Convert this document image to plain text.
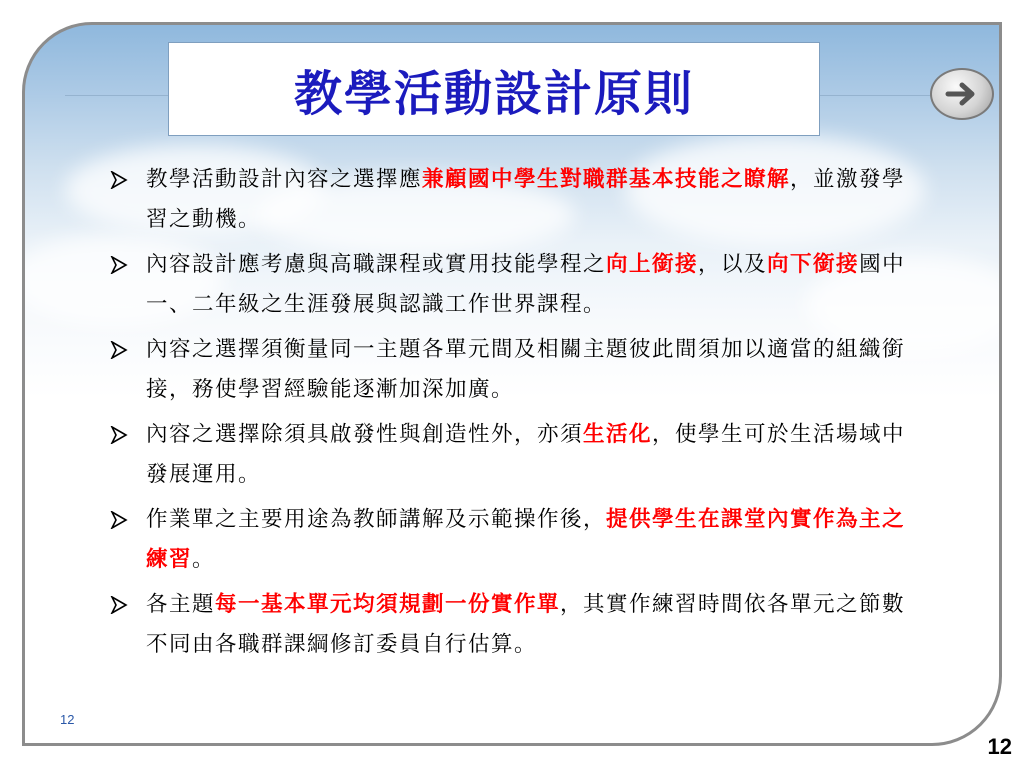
教學活動設計原則
教學活動設計內容之選擇應兼顧國中學生對職群基本技能之瞭解，並激發學習之動機。
內容設計應考慮與高職課程或實用技能學程之向上銜接，以及向下銜接國中一、二年級之生涯發展與認識工作世界課程。
內容之選擇須衡量同一主題各單元間及相關主題彼此間須加以適當的組織銜接，務使學習經驗能逐漸加深加廣。
內容之選擇除須具啟發性與創造性外，亦須生活化，使學生可於生活場域中發展運用。
作業單之主要用途為教師講解及示範操作後，提供學生在課堂內實作為主之練習。
各主題每一基本單元均須規劃一份實作單，其實作練習時間依各單元之節數不同由各職群課綱修訂委員自行估算。
12
12
